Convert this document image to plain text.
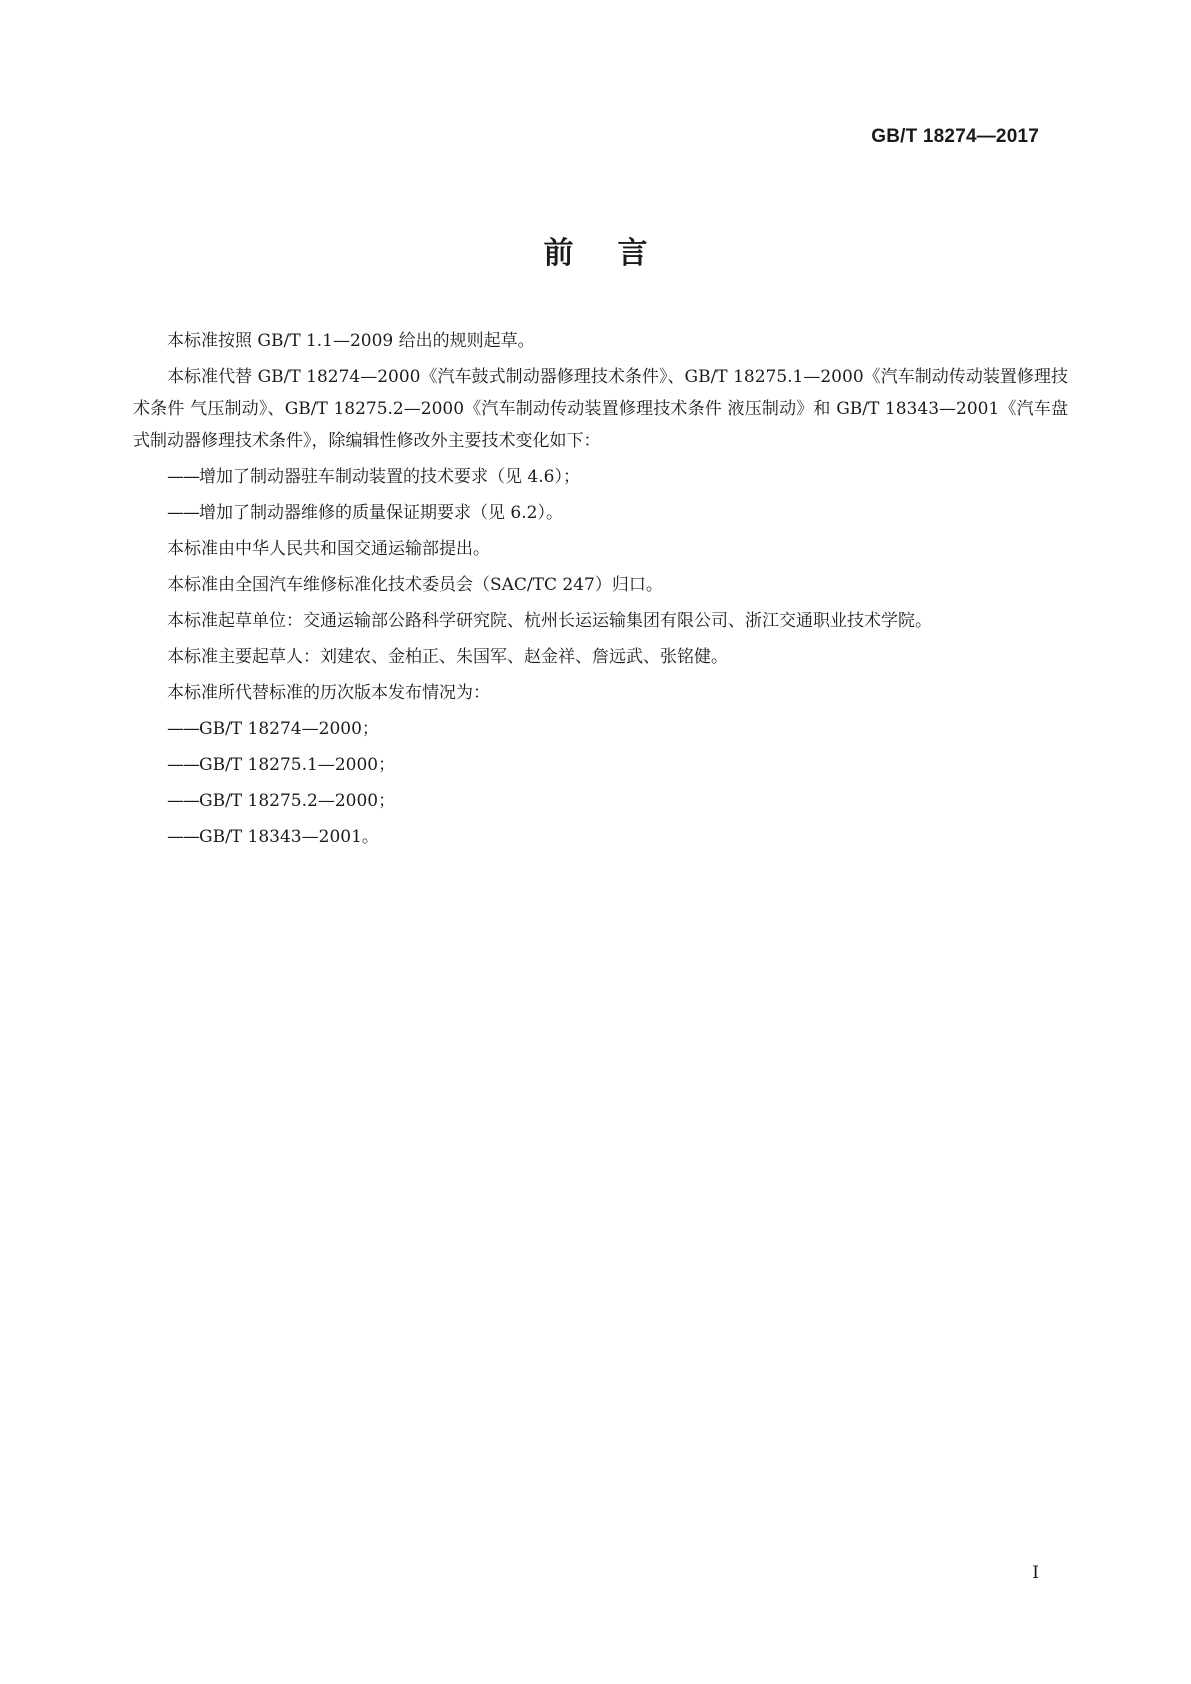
GB/T 18274—2017
前言

本标准按照 GB/T 1.1—2009 给出的规则起草。

本标准代替 GB/T 18274—2000《汽车鼓式制动器修理技术条件》、GB/T 18275.1—2000《汽车制动传动装置修理技术条件 气压制动》、GB/T 18275.2—2000《汽车制动传动装置修理技术条件 液压制动》和 GB/T 18343—2001《汽车盘式制动器修理技术条件》，除编辑性修改外主要技术变化如下：

——增加了制动器驻车制动装置的技术要求（见 4.6）；

——增加了制动器维修的质量保证期要求（见 6.2）。

本标准由中华人民共和国交通运输部提出。

本标准由全国汽车维修标准化技术委员会（SAC/TC 247）归口。

本标准起草单位：交通运输部公路科学研究院、杭州长运运输集团有限公司、浙江交通职业技术学院。

本标准主要起草人：刘建农、金柏正、朱国军、赵金祥、詹远武、张铭健。

本标准所代替标准的历次版本发布情况为：

——GB/T 18274—2000；

——GB/T 18275.1—2000；

——GB/T 18275.2—2000；

——GB/T 18343—2001。

I
